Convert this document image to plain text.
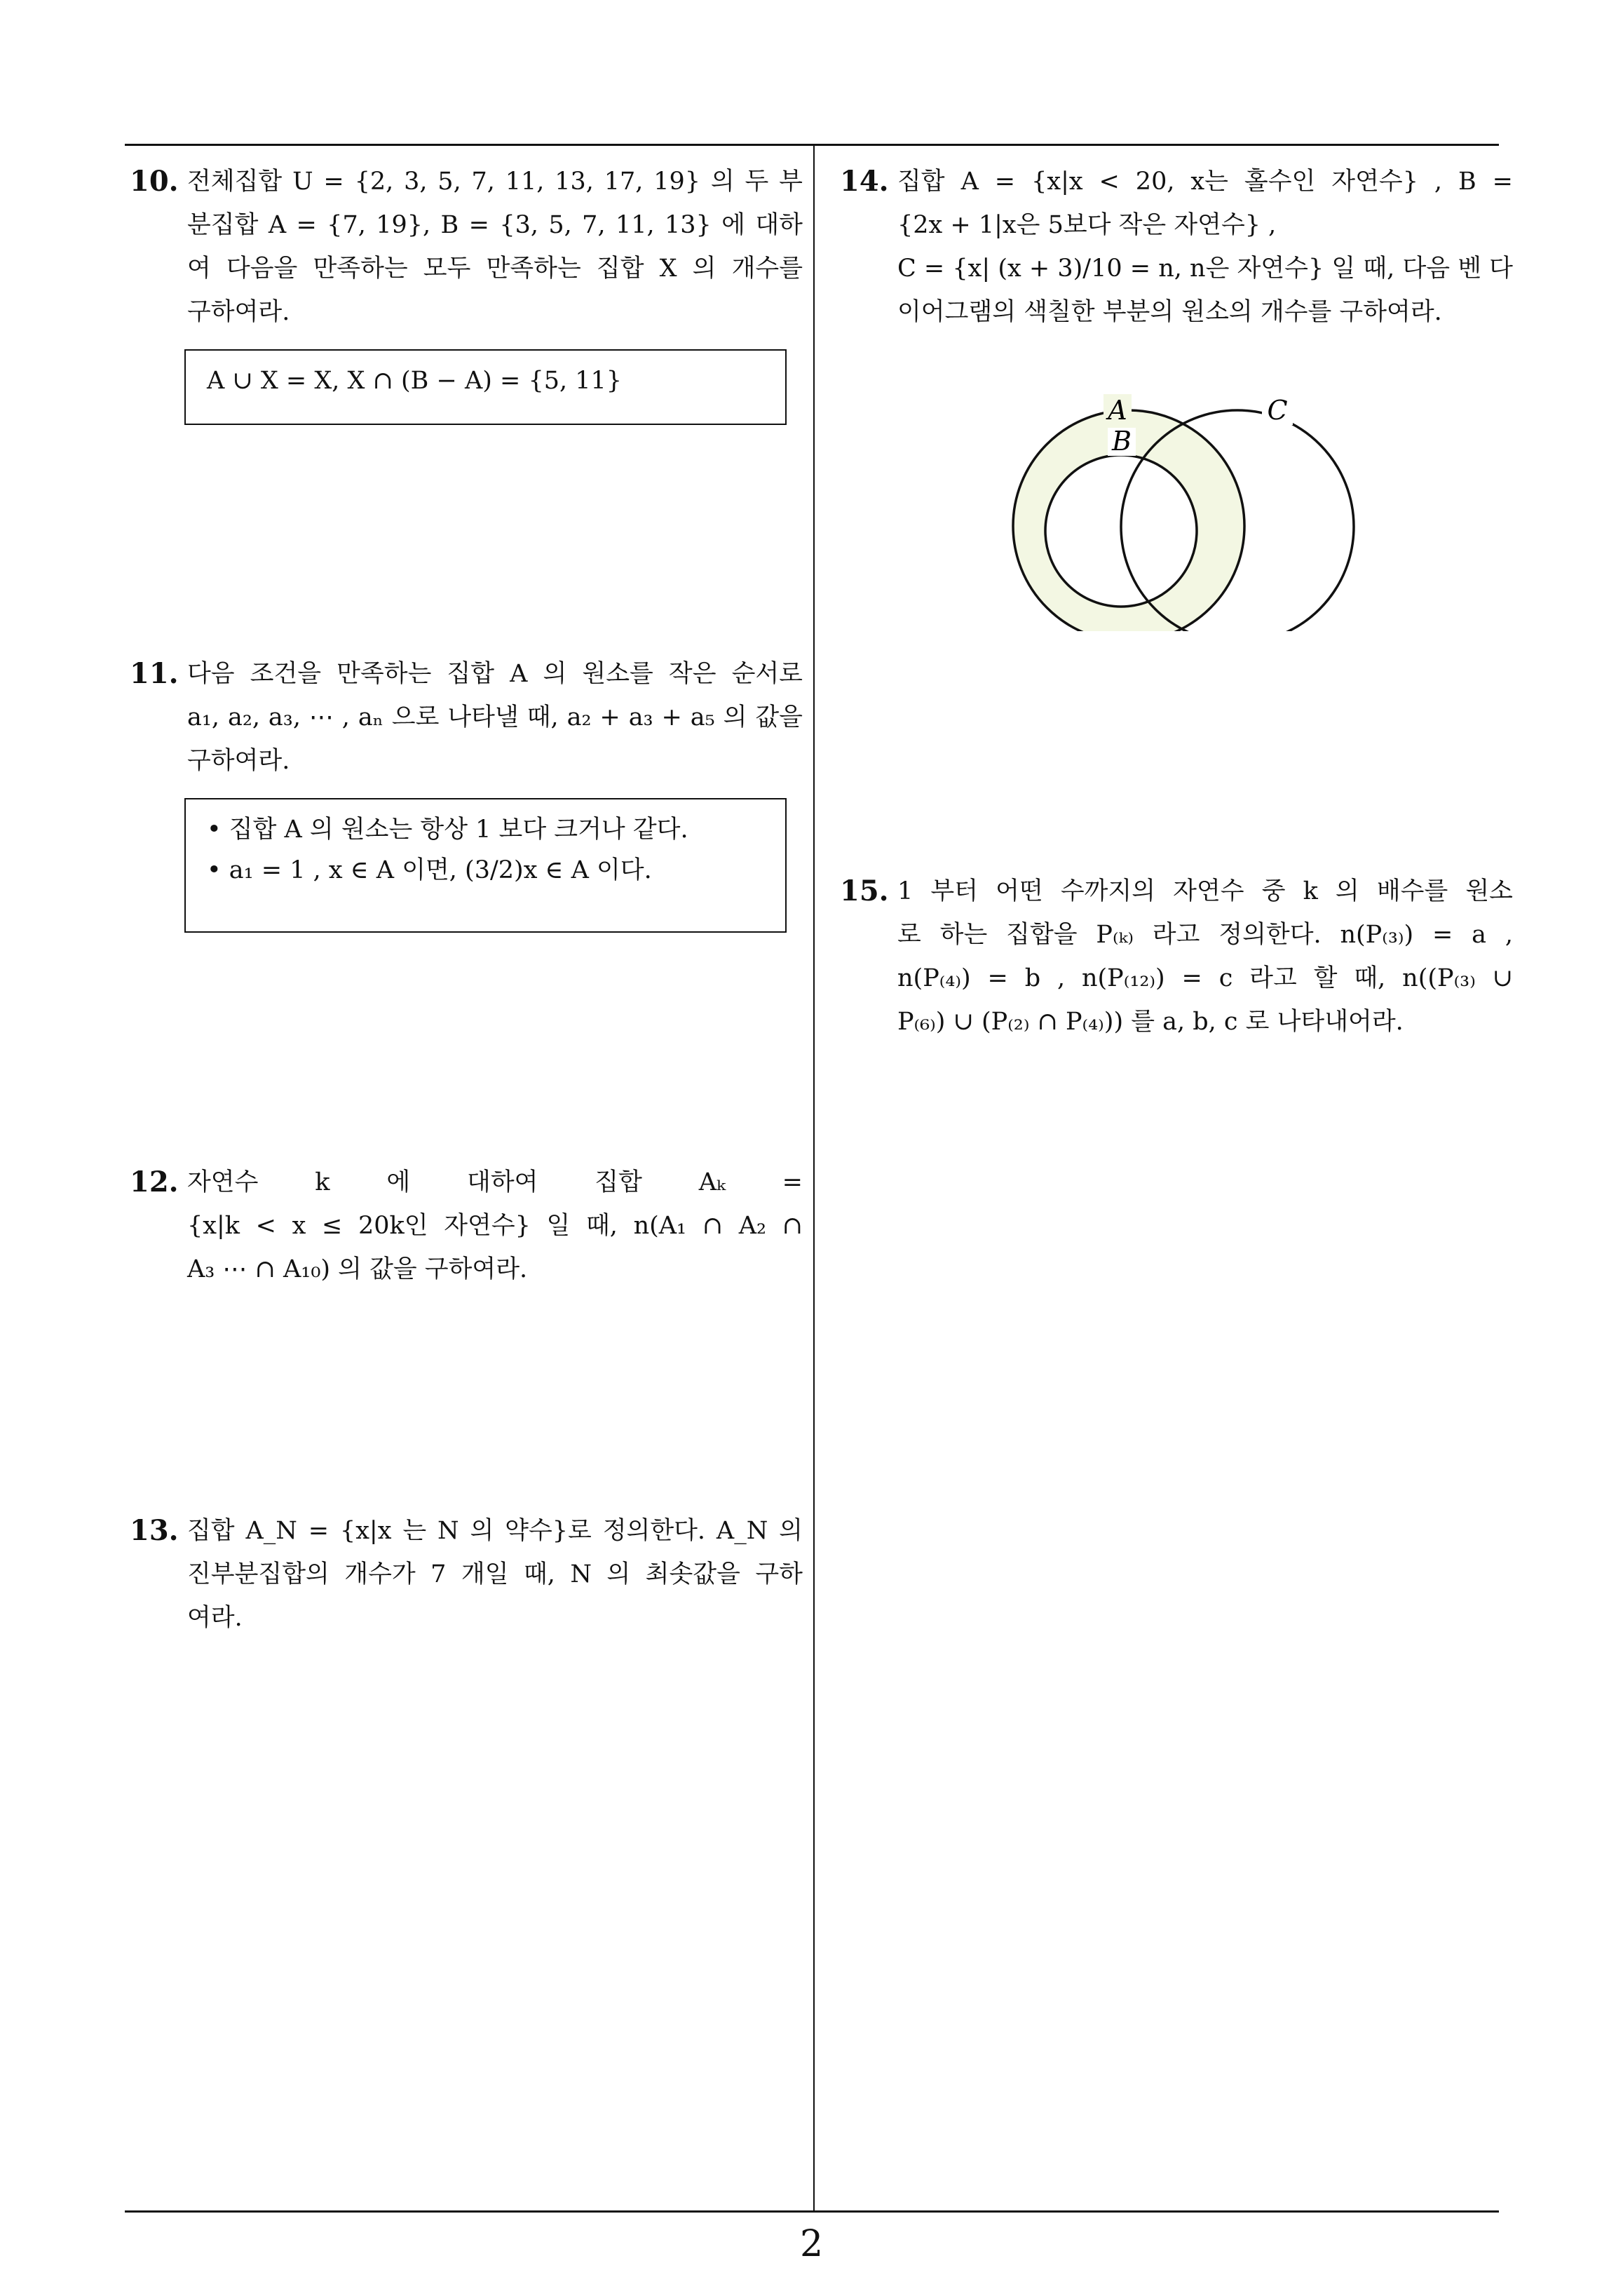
10. 전체집합 U = {2, 3, 5, 7, 11, 13, 17, 19} 의 두 부
분집합 A = {7, 19}, B = {3, 5, 7, 11, 13} 에 대하
여 다음을 만족하는 모두 만족하는 집합 X 의 개수를
구하여라.
A ∪ X = X, X ∩ (B − A) = {5, 11}
11. 다음 조건을 만족하는 집합 A 의 원소를 작은 순서로
a₁, a₂, a₃, ⋯ , aₙ 으로 나타낼 때, a₂ + a₃ + a₅ 의 값을
구하여라.
• 집합 A 의 원소는 항상 1 보다 크거나 같다.
• a₁ = 1 , x ∈ A 이면, (3/2)x ∈ A 이다.
12. 자연수 k 에 대하여 집합 Aₖ =
{x|k < x ≤ 20k인 자연수} 일 때, n(A₁ ∩ A₂ ∩
A₃ ⋯ ∩ A₁₀) 의 값을 구하여라.
13. 집합 A_N = {x|x 는 N 의 약수}로 정의한다. A_N 의
진부분집합의 개수가 7 개일 때, N 의 최솟값을 구하
여라.
14. 집합 A = {x|x < 20, x는 홀수인 자연수} , B =
{2x + 1|x은 5보다 작은 자연수} ,
C = {x| (x + 3)/10 = n, n은 자연수} 일 때, 다음 벤 다
이어그램의 색칠한 부분의 원소의 개수를 구하여라.
A
B
C
15. 1 부터 어떤 수까지의 자연수 중 k 의 배수를 원소
로 하는 집합을 P₍ₖ₎ 라고 정의한다. n(P₍₃₎) = a ,
n(P₍₄₎) = b , n(P₍₁₂₎) = c 라고 할 때, n((P₍₃₎ ∪
P₍₆₎) ∪ (P₍₂₎ ∩ P₍₄₎)) 를 a, b, c 로 나타내어라.
2
